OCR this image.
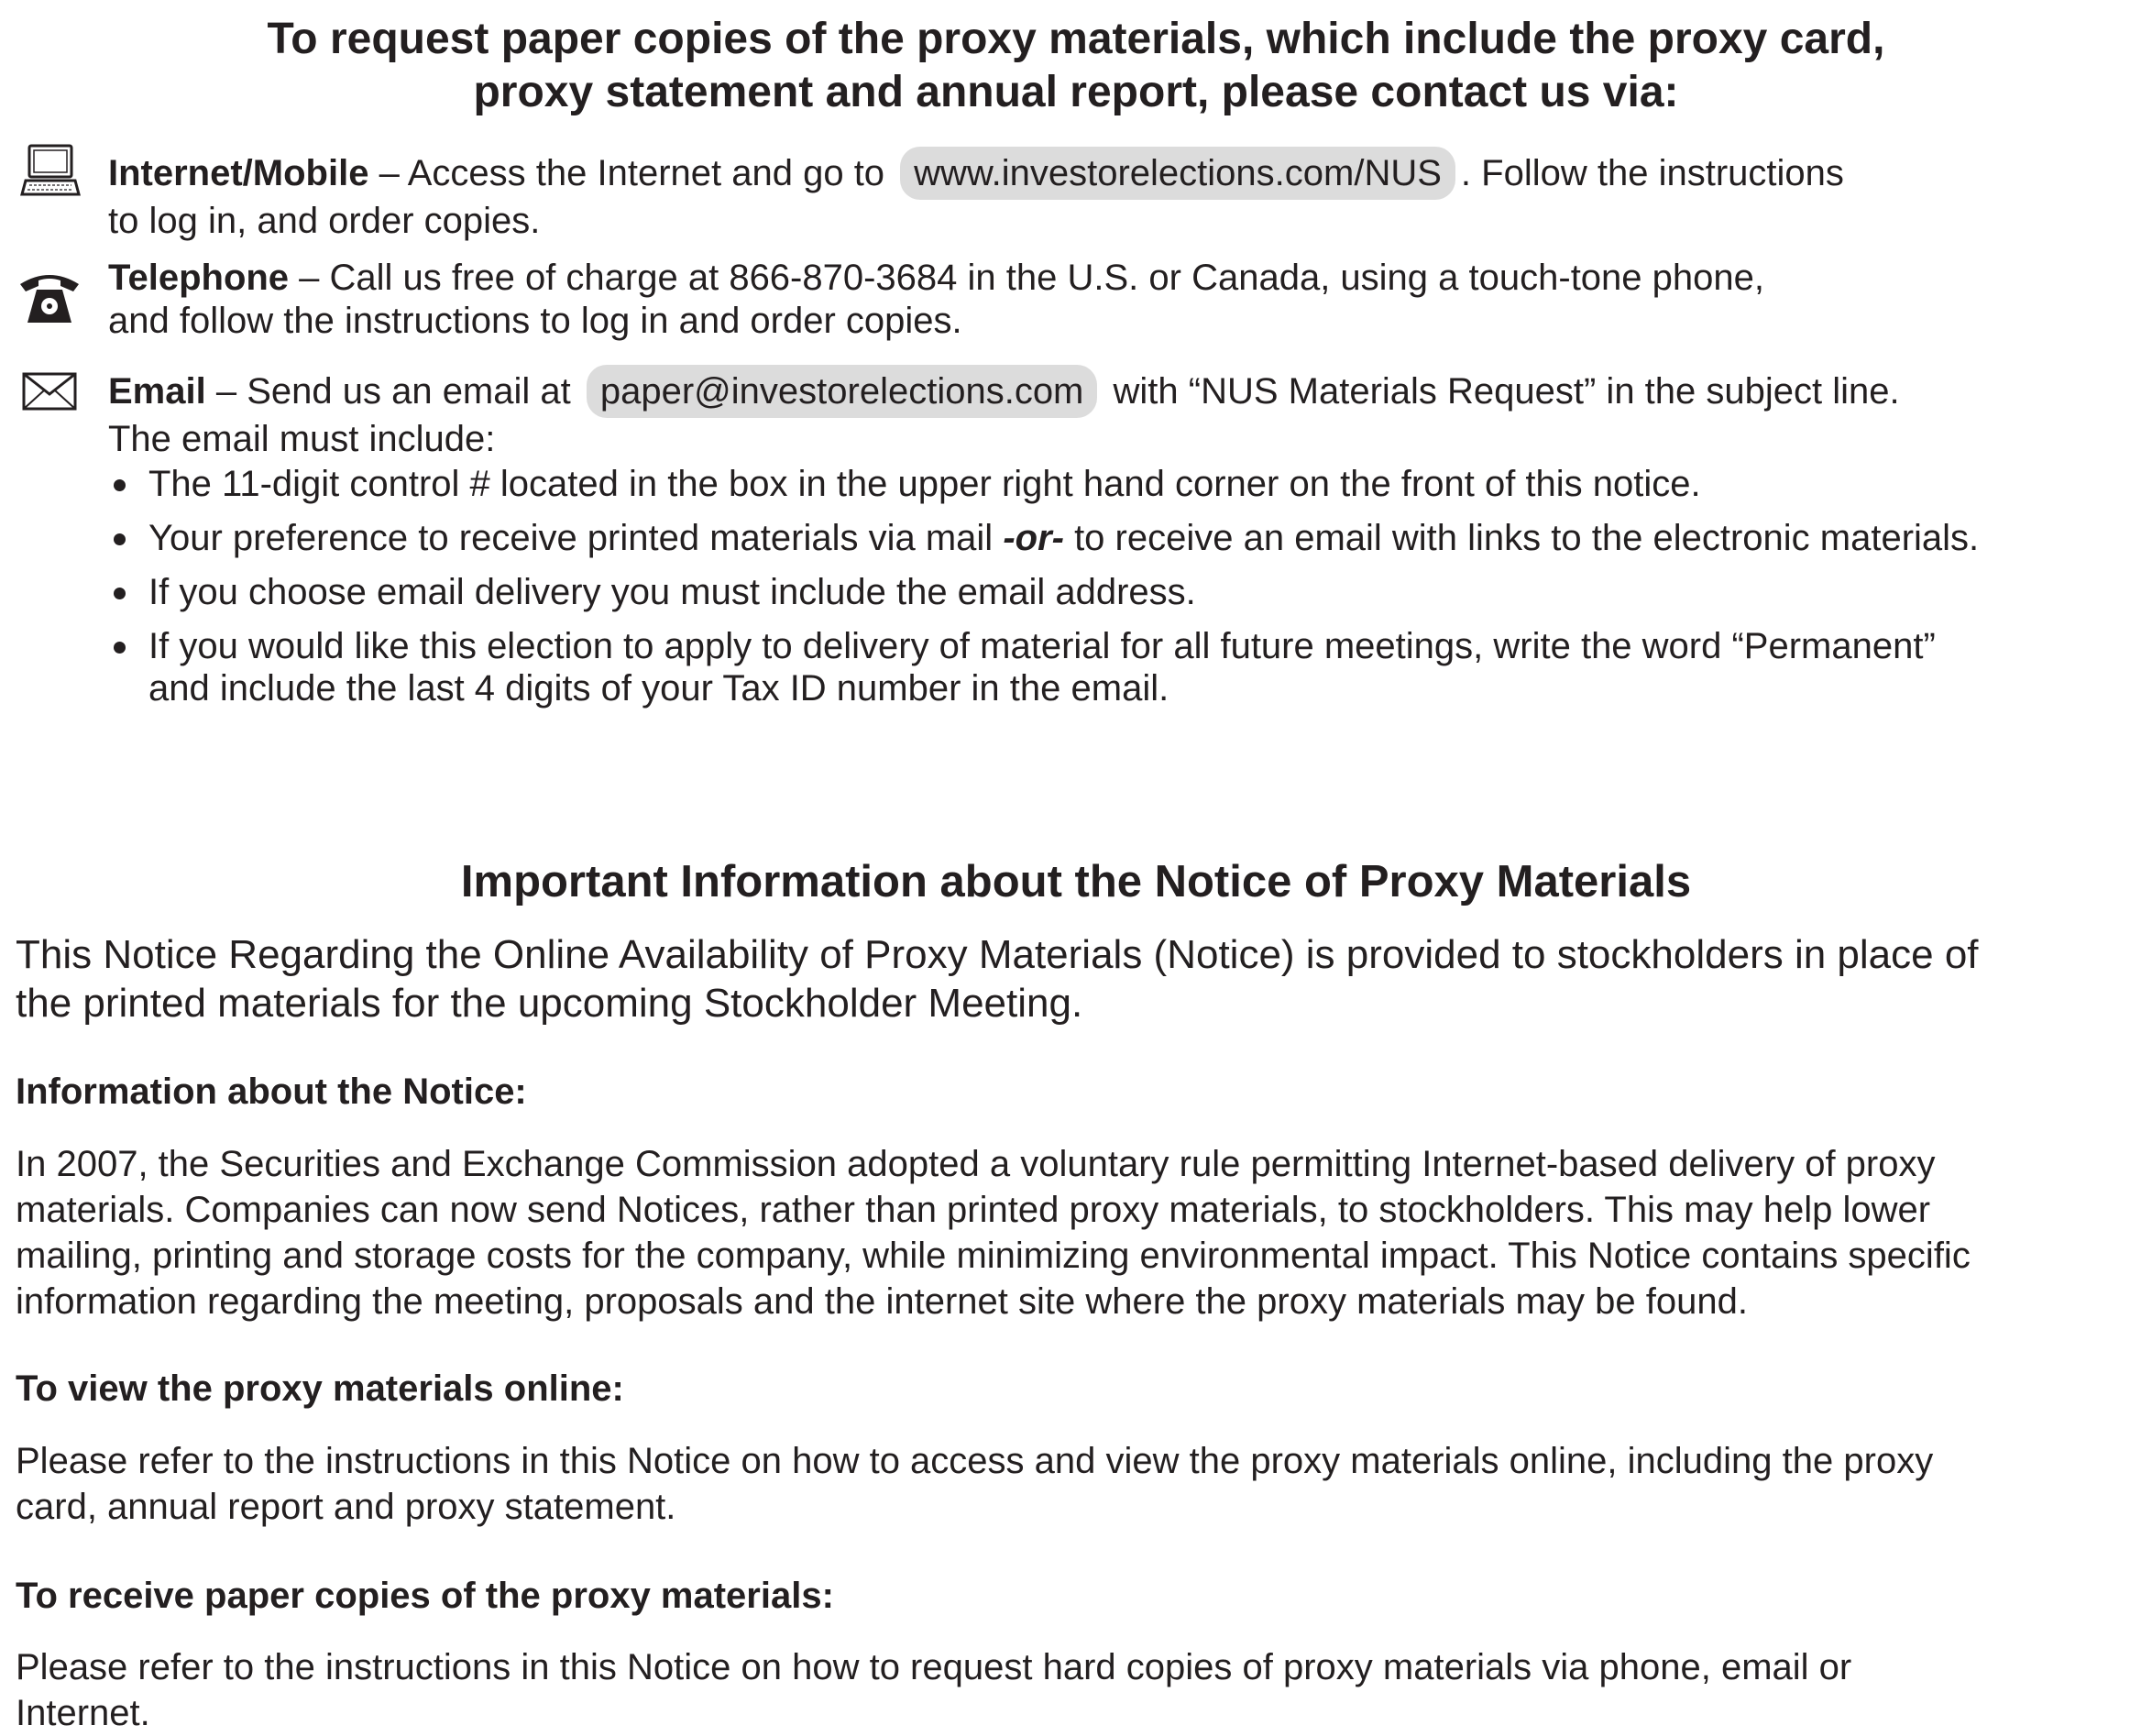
To request paper copies of the proxy materials, which include the proxy card,
proxy statement and annual report, please contact us via:
Internet/Mobile – Access the Internet and go to www.investorelections.com/NUS . Follow the instructions
to log in, and order copies.
Telephone – Call us free of charge at 866-870-3684 in the U.S. or Canada, using a touch-tone phone,
and follow the instructions to log in and order copies.
Email – Send us an email at paper@investorelections.com with “NUS Materials Request” in the subject line.
The email must include:
The 11-digit control # located in the box in the upper right hand corner on the front of this notice.
Your preference to receive printed materials via mail -or- to receive an email with links to the electronic materials.
If you choose email delivery you must include the email address.
If you would like this election to apply to delivery of material for all future meetings, write the word “Permanent”
and include the last 4 digits of your Tax ID number in the email.
Important Information about the Notice of Proxy Materials
This Notice Regarding the Online Availability of Proxy Materials (Notice) is provided to stockholders in place of
the printed materials for the upcoming Stockholder Meeting.
Information about the Notice:
In 2007, the Securities and Exchange Commission adopted a voluntary rule permitting Internet-based delivery of proxy
materials. Companies can now send Notices, rather than printed proxy materials, to stockholders. This may help lower
mailing, printing and storage costs for the company, while minimizing environmental impact. This Notice contains specific
information regarding the meeting, proposals and the internet site where the proxy materials may be found.
To view the proxy materials online:
Please refer to the instructions in this Notice on how to access and view the proxy materials online, including the proxy
card, annual report and proxy statement.
To receive paper copies of the proxy materials:
Please refer to the instructions in this Notice on how to request hard copies of proxy materials via phone, email or
Internet.
